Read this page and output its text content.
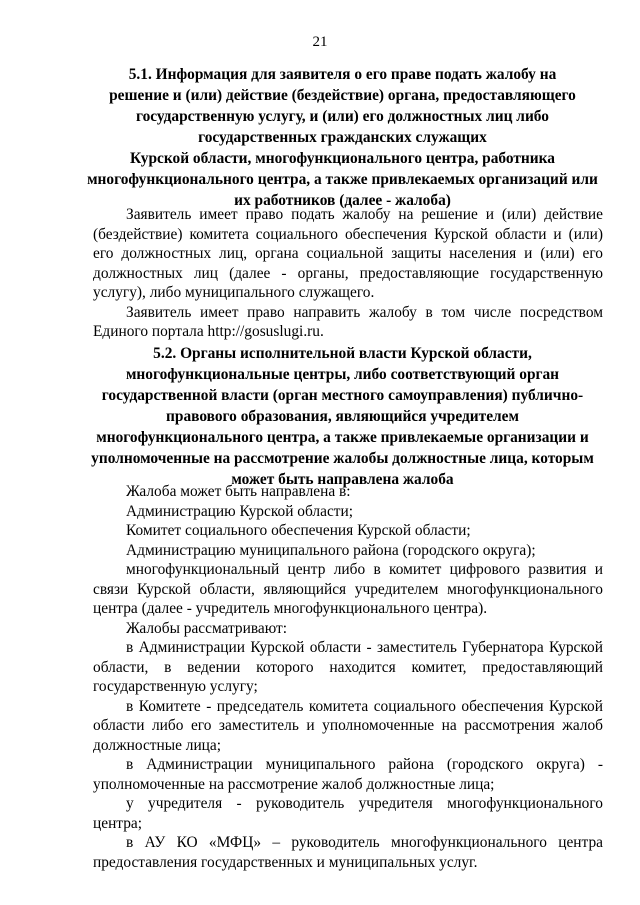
21
5.1. Информация для заявителя о его праве подать жалобу на
решение и (или) действие (бездействие) органа, предоставляющего
государственную услугу, и (или) его должностных лиц либо
государственных гражданских служащих
Курской области, многофункционального центра, работника
многофункционального центра, а также привлекаемых организаций или
их работников (далее - жалоба)

Заявитель имеет право подать жалобу на решение и (или) действие (бездействие) комитета социального обеспечения Курской области и (или) его должностных лиц, органа социальной защиты населения и (или) его должностных лиц (далее - органы, предоставляющие государственную услугу), либо муниципального служащего.

Заявитель имеет право направить жалобу в том числе посредством Единого портала http://gosuslugi.ru.

5.2. Органы исполнительной власти Курской области,
многофункциональные центры, либо соответствующий орган
государственной власти (орган местного самоуправления) публично-
правового образования, являющийся учредителем
многофункционального центра, а также привлекаемые организации и
уполномоченные на рассмотрение жалобы должностные лица, которым
может быть направлена жалоба

Жалоба может быть направлена в:

Администрацию Курской области;

Комитет социального обеспечения Курской области;

Администрацию муниципального района (городского округа);

многофункциональный центр либо в комитет цифрового развития и связи Курской области, являющийся учредителем многофункционального центра (далее - учредитель многофункционального центра).

Жалобы рассматривают:

в Администрации Курской области - заместитель Губернатора Курской области, в ведении которого находится комитет, предоставляющий государственную услугу;

в Комитете - председатель комитета социального обеспечения Курской области либо его заместитель и уполномоченные на рассмотрения жалоб должностные лица;

в Администрации муниципального района (городского округа) - уполномоченные на рассмотрение жалоб должностные лица;

у учредителя - руководитель учредителя многофункционального центра;

в АУ КО «МФЦ» – руководитель многофункционального центра предоставления государственных и муниципальных услуг.
